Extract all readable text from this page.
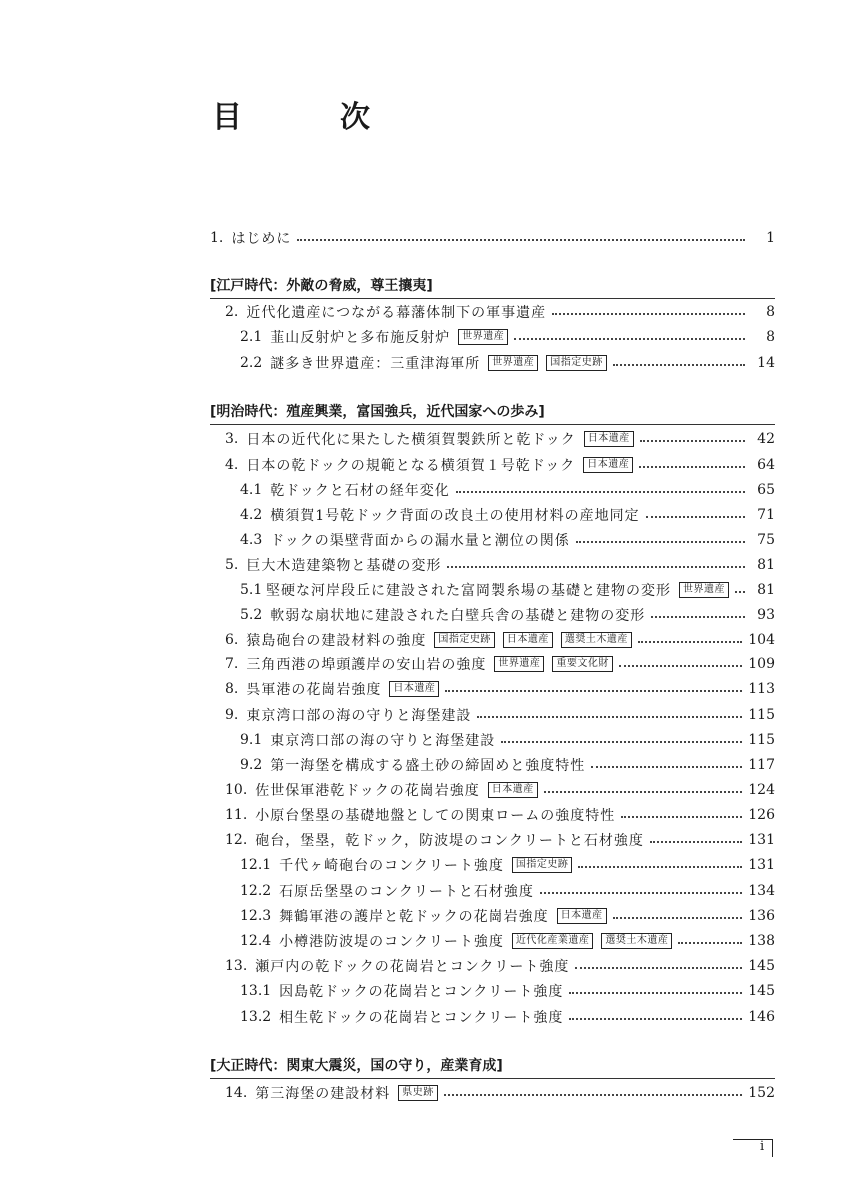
目　次
[江戸時代：外敵の脅威，尊王攘夷]
[明治時代：殖産興業，富国強兵，近代国家への歩み]
[大正時代：関東大震災，国の守り，産業育成]
1. はじめに	1
2. 近代化遺産につながる幕藩体制下の軍事遺産	8
2.1 韮山反射炉と多布施反射炉	世界遺産	8
2.2 謎多き世界遺産：三重津海軍所	世界遺産	国指定史跡	14
3. 日本の近代化に果たした横須賀製鉄所と乾ドック	日本遺産	42
4. 日本の乾ドックの規範となる横須賀１号乾ドック	日本遺産	64
4.1 乾ドックと石材の経年変化	65
4.2 横須賀1号乾ドック背面の改良土の使用材料の産地同定	71
4.3 ドックの渠壁背面からの漏水量と潮位の関係	75
5. 巨大木造建築物と基礎の変形	81
5.1 堅硬な河岸段丘に建設された富岡製糸場の基礎と建物の変形	世界遺産	81
5.2 軟弱な扇状地に建設された白壁兵舎の基礎と建物の変形	93
6. 猿島砲台の建設材料の強度	国指定史跡	日本遺産	選奨土木遺産	104
7. 三角西港の埠頭護岸の安山岩の強度	世界遺産	重要文化財	109
8. 呉軍港の花崗岩強度	日本遺産	113
9. 東京湾口部の海の守りと海堡建設	115
9.1 東京湾口部の海の守りと海堡建設	115
9.2 第一海堡を構成する盛土砂の締固めと強度特性	117
10. 佐世保軍港乾ドックの花崗岩強度	日本遺産	124
11. 小原台堡塁の基礎地盤としての関東ロームの強度特性	126
12. 砲台，堡塁，乾ドック，防波堤のコンクリートと石材強度	131
12.1 千代ヶ崎砲台のコンクリート強度	国指定史跡	131
12.2 石原岳堡塁のコンクリートと石材強度	134
12.3 舞鶴軍港の護岸と乾ドックの花崗岩強度	日本遺産	136
12.4 小樽港防波堤のコンクリート強度	近代化産業遺産	選奨土木遺産	138
13. 瀬戸内の乾ドックの花崗岩とコンクリート強度	145
13.1 因島乾ドックの花崗岩とコンクリート強度	145
13.2 相生乾ドックの花崗岩とコンクリート強度	146
14. 第三海堡の建設材料	県史跡	152
i
